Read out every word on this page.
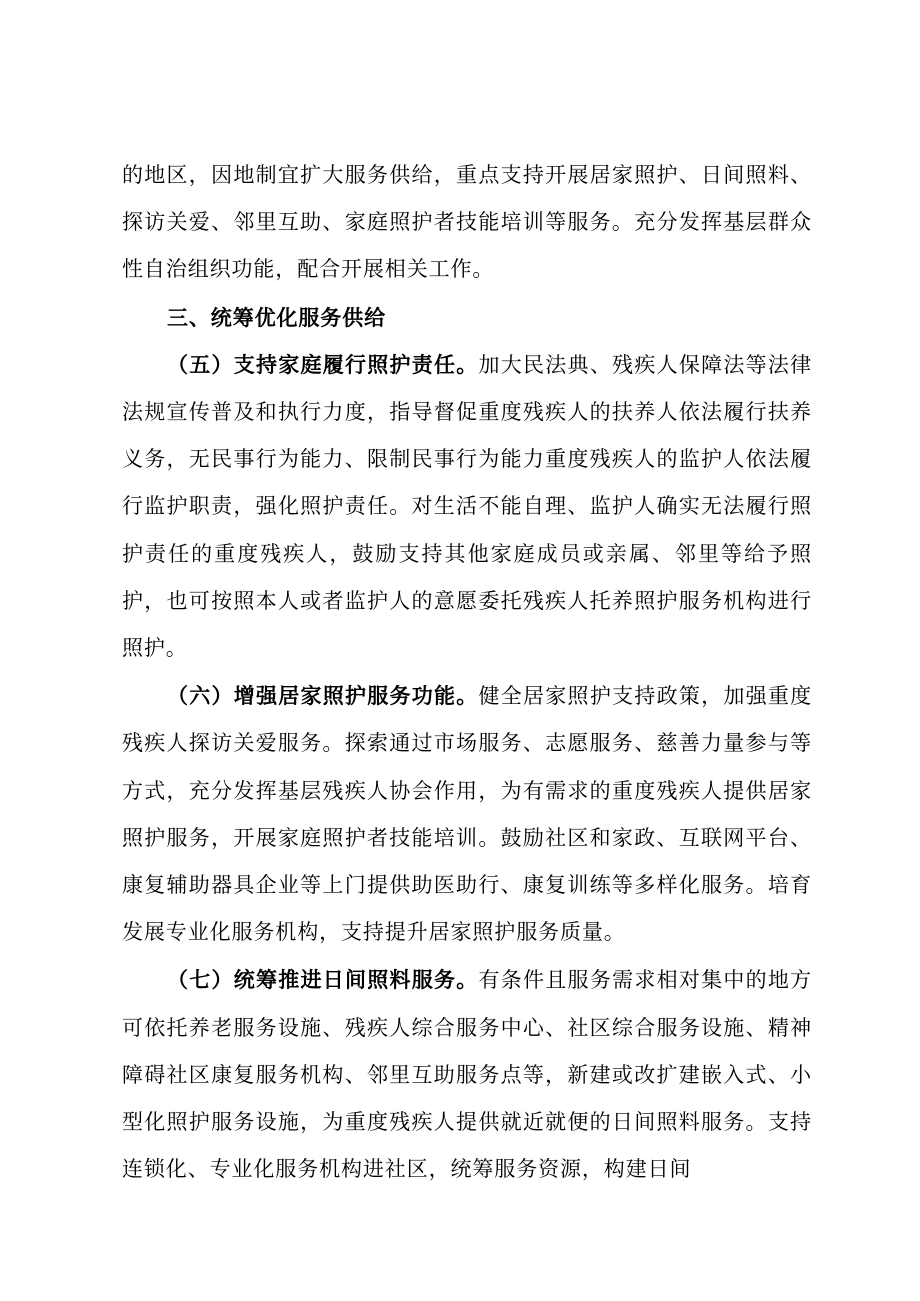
的地区，因地制宜扩大服务供给，重点支持开展居家照护、日间照料、探访关爱、邻里互助、家庭照护者技能培训等服务。充分发挥基层群众性自治组织功能，配合开展相关工作。

三、统筹优化服务供给

（五）支持家庭履行照护责任。加大民法典、残疾人保障法等法律法规宣传普及和执行力度，指导督促重度残疾人的扶养人依法履行扶养义务，无民事行为能力、限制民事行为能力重度残疾人的监护人依法履行监护职责，强化照护责任。对生活不能自理、监护人确实无法履行照护责任的重度残疾人，鼓励支持其他家庭成员或亲属、邻里等给予照护，也可按照本人或者监护人的意愿委托残疾人托养照护服务机构进行照护。

（六）增强居家照护服务功能。健全居家照护支持政策，加强重度残疾人探访关爱服务。探索通过市场服务、志愿服务、慈善力量参与等方式，充分发挥基层残疾人协会作用，为有需求的重度残疾人提供居家照护服务，开展家庭照护者技能培训。鼓励社区和家政、互联网平台、康复辅助器具企业等上门提供助医助行、康复训练等多样化服务。培育发展专业化服务机构，支持提升居家照护服务质量。

（七）统筹推进日间照料服务。有条件且服务需求相对集中的地方可依托养老服务设施、残疾人综合服务中心、社区综合服务设施、精神障碍社区康复服务机构、邻里互助服务点等，新建或改扩建嵌入式、小型化照护服务设施，为重度残疾人提供就近就便的日间照料服务。支持连锁化、专业化服务机构进社区，统筹服务资源，构建日间
